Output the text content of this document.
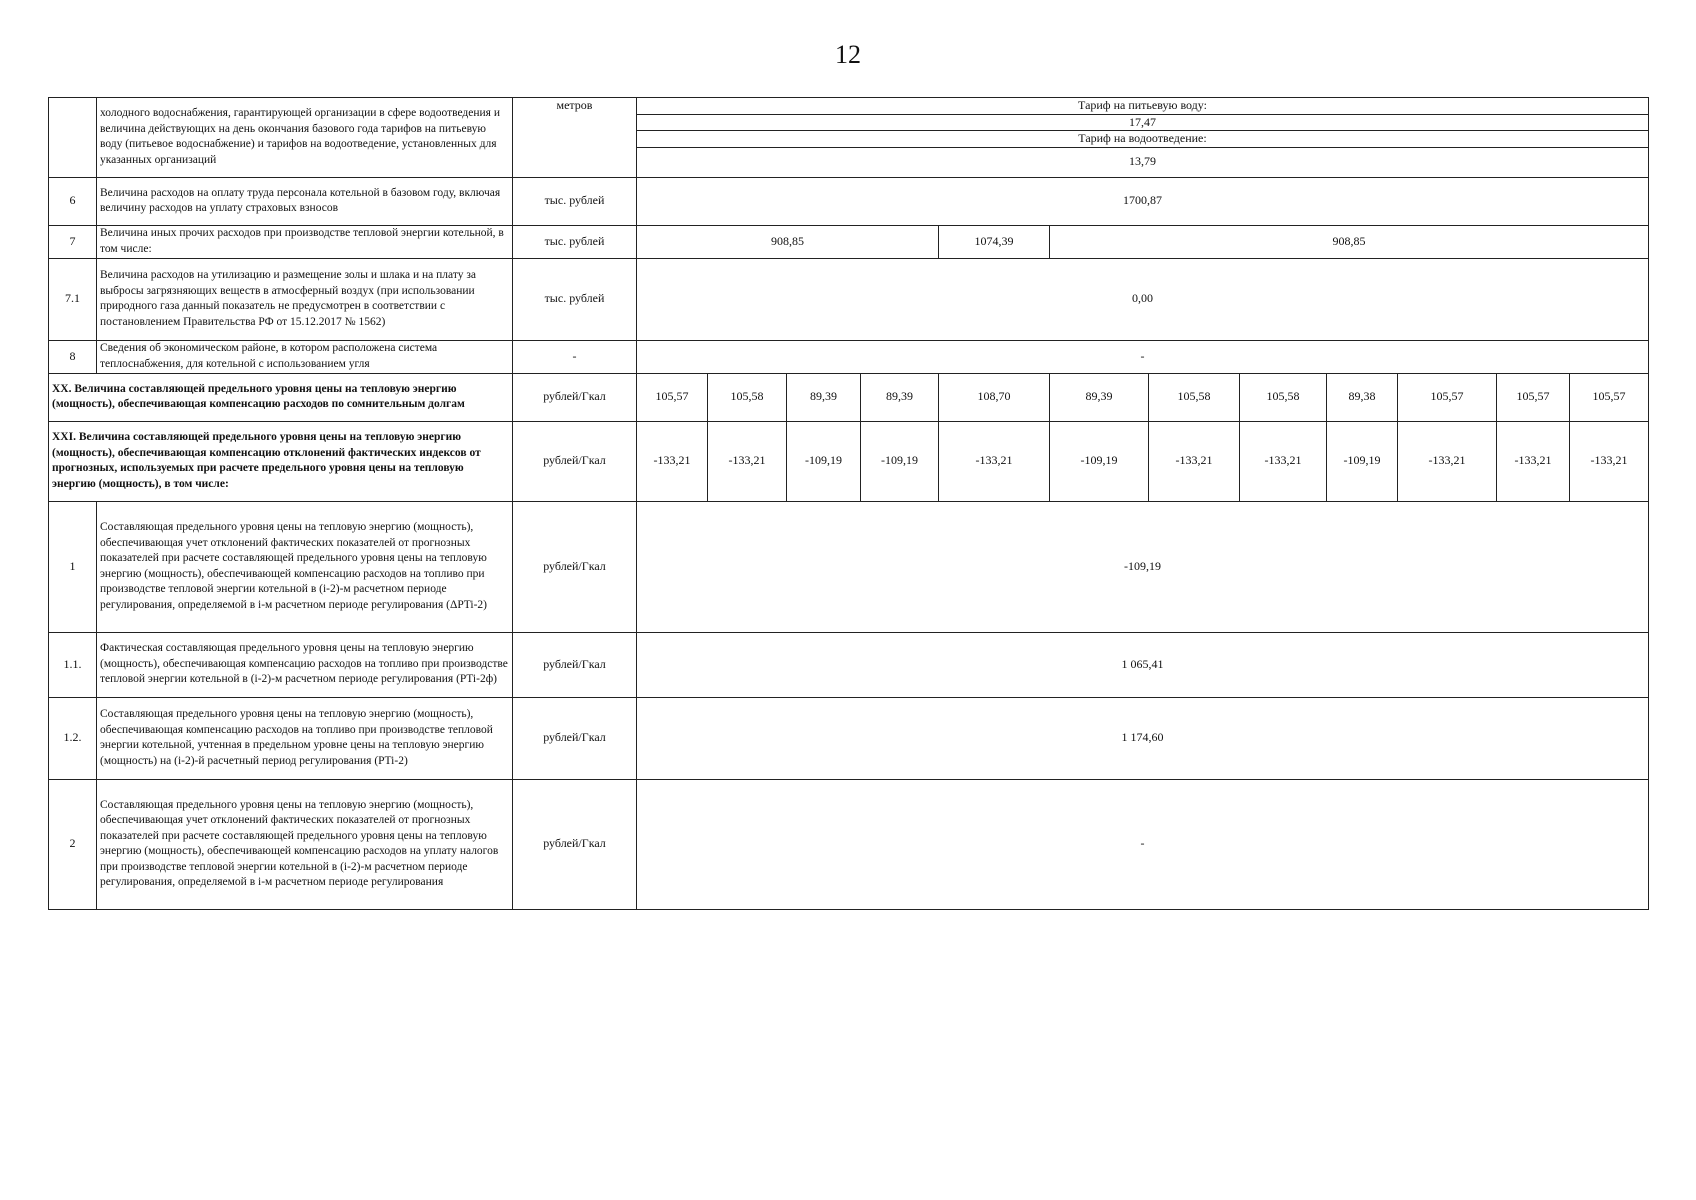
12
	холодного водоснабжения, гарантирующей организации в сфере водоотведения и величина действующих на день окончания базового года тарифов на питьевую воду (питьевое водоснабжение) и тарифов на водоотведение, установленных для указанных организаций	метров	Тариф на питьевую воду:											
			17,47											
			Тариф на водоотведение:											
			13,79											
6	Величина расходов на оплату труда персонала котельной в базовом году, включая величину расходов на уплату страховых взносов	тыс. рублей	1700,87											
7	Величина иных прочих расходов при производстве тепловой энергии котельной, в том числе:	тыс. рублей	908,85				1074,39	908,85						
7.1	Величина расходов на утилизацию и размещение золы и шлака и на плату за выбросы загрязняющих веществ в атмосферный воздух (при использовании природного газа данный показатель не предусмотрен в соответствии с постановлением Правительства РФ от 15.12.2017 № 1562)	тыс. рублей	0,00											
8	Сведения об экономическом районе, в котором расположена система теплоснабжения, для котельной с использованием угля	-	-											
XX. Величина составляющей предельного уровня цены на тепловую энергию (мощность), обеспечивающая компенсацию расходов по сомнительным долгам		рублей/Гкал	105,57	105,58	89,39	89,39	108,70	89,39	105,58	105,58	89,38	105,57	105,57	105,57
XXI. Величина составляющей предельного уровня цены на тепловую энергию (мощность), обеспечивающая компенсацию отклонений фактических индексов от прогнозных, используемых при расчете предельного уровня цены на тепловую энергию (мощность), в том числе:		рублей/Гкал	-133,21	-133,21	-109,19	-109,19	-133,21	-109,19	-133,21	-133,21	-109,19	-133,21	-133,21	-133,21
1	Составляющая предельного уровня цены на тепловую энергию (мощность), обеспечивающая учет отклонений фактических показателей от прогнозных показателей при расчете составляющей предельного уровня цены на тепловую энергию (мощность), обеспечивающей компенсацию расходов на топливо при производстве тепловой энергии котельной в (i-2)-м расчетном периоде регулирования, определяемой в i-м расчетном периоде регулирования (ΔPTi-2)	рублей/Гкал	-109,19											
1.1.	Фактическая составляющая предельного уровня цены на тепловую энергию (мощность), обеспечивающая компенсацию расходов на топливо при производстве тепловой энергии котельной в (i-2)-м расчетном периоде регулирования (PTi-2ф)	рублей/Гкал	1 065,41											
1.2.	Составляющая предельного уровня цены на тепловую энергию (мощность), обеспечивающая компенсацию расходов на топливо при производстве тепловой энергии котельной, учтенная в предельном уровне цены на тепловую энергию (мощность) на (i-2)-й расчетный период регулирования (PTi-2)	рублей/Гкал	1 174,60											
2	Составляющая предельного уровня цены на тепловую энергию (мощность), обеспечивающая учет отклонений фактических показателей от прогнозных показателей при расчете составляющей предельного уровня цены на тепловую энергию (мощность), обеспечивающей компенсацию расходов на уплату налогов при производстве тепловой энергии котельной в (i-2)-м расчетном периоде регулирования, определяемой в i-м расчетном периоде регулирования	рублей/Гкал	-											
